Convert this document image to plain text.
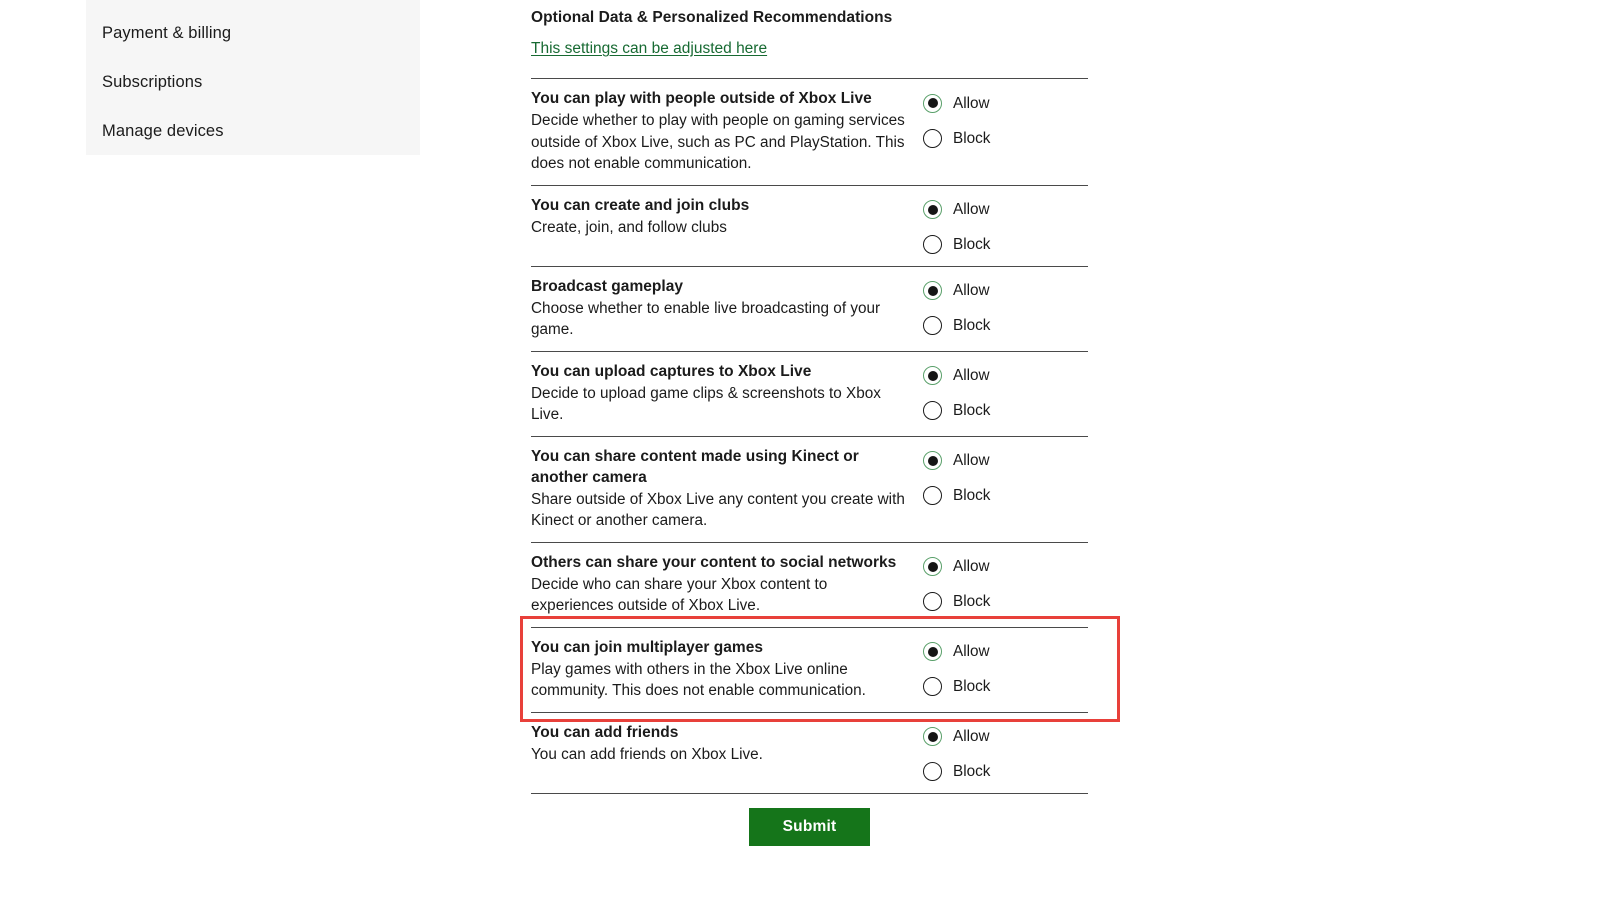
Payment & billing
Subscriptions
Manage devices
Optional Data & Personalized Recommendations
This settings can be adjusted here
You can play with people outside of Xbox Live
Decide whether to play with people on gaming services outside of Xbox Live, such as PC and PlayStation. This does not enable communication.
Allow
Block
You can create and join clubs
Create, join, and follow clubs
Allow
Block
Broadcast gameplay
Choose whether to enable live broadcasting of your game.
Allow
Block
You can upload captures to Xbox Live
Decide to upload game clips & screenshots to Xbox Live.
Allow
Block
You can share content made using Kinect or another camera
Share outside of Xbox Live any content you create with Kinect or another camera.
Allow
Block
Others can share your content to social networks
Decide who can share your Xbox content to experiences outside of Xbox Live.
Allow
Block
You can join multiplayer games
Play games with others in the Xbox Live online community. This does not enable communication.
Allow
Block
You can add friends
You can add friends on Xbox Live.
Allow
Block
Submit
